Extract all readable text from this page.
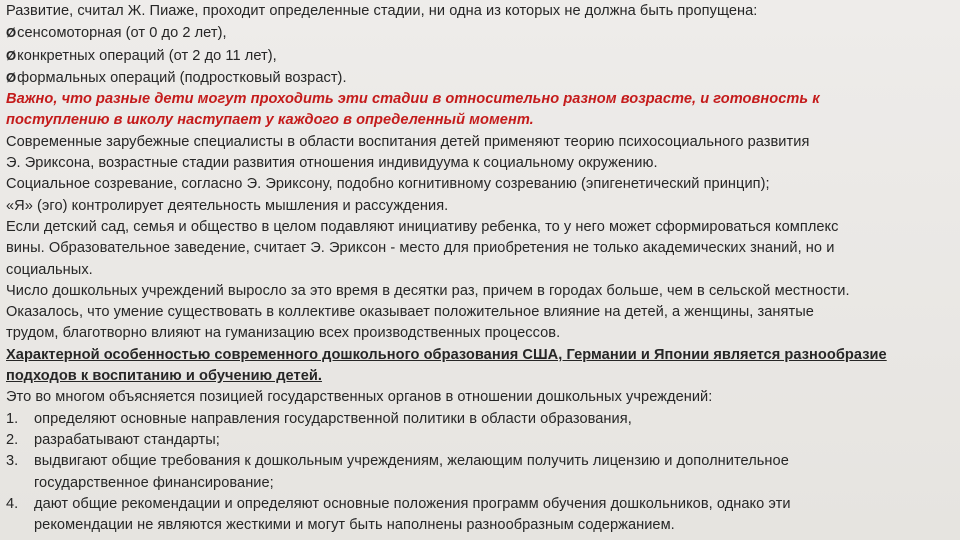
Развитие, считал Ж. Пиаже, проходит определенные стадии, ни одна из которых не должна быть пропущена:
Øсенсомоторная (от 0 до 2 лет),
Øконкретных операций (от 2 до 11 лет),
Øформальных операций (подростковый возраст).
Важно, что разные дети могут проходить эти стадии в относительно разном возрасте, и готовность к
поступлению в школу наступает у каждого в определенный момент.
Современные зарубежные специалисты в области воспитания детей применяют теорию психосоциального развития
Э. Эриксона, возрастные стадии развития отношения индивидуума к социальному окружению.
Социальное созревание, согласно Э. Эриксону, подобно когнитивному созреванию (эпигенетический принцип);
«Я» (эго) контролирует деятельность мышления и рассуждения.
Если детский сад, семья и общество в целом подавляют инициативу ребенка, то у него может сформироваться комплекс
вины. Образовательное заведение, считает Э. Эриксон - место для приобретения не только академических знаний, но и
социальных.
Число дошкольных учреждений выросло за это время в десятки раз, причем в городах больше, чем в сельской местности.
Оказалось, что умение существовать в коллективе оказывает положительное влияние на детей, а женщины, занятые
трудом, благотворно влияют на гуманизацию всех производственных процессов.
Характерной особенностью современного дошкольного образования США, Германии и Японии является разнообразие
подходов к воспитанию и обучению детей.
Это во многом объясняется позицией государственных органов в отношении дошкольных учреждений:
1. определяют основные направления государственной политики в области образования,
2. разрабатывают стандарты;
3. выдвигают общие требования к дошкольным учреждениям, желающим получить лицензию и дополнительное
государственное финансирование;
4. дают общие рекомендации и определяют основные положения программ обучения дошкольников, однако эти
рекомендации не являются жесткими и могут быть наполнены разнообразным содержанием.
